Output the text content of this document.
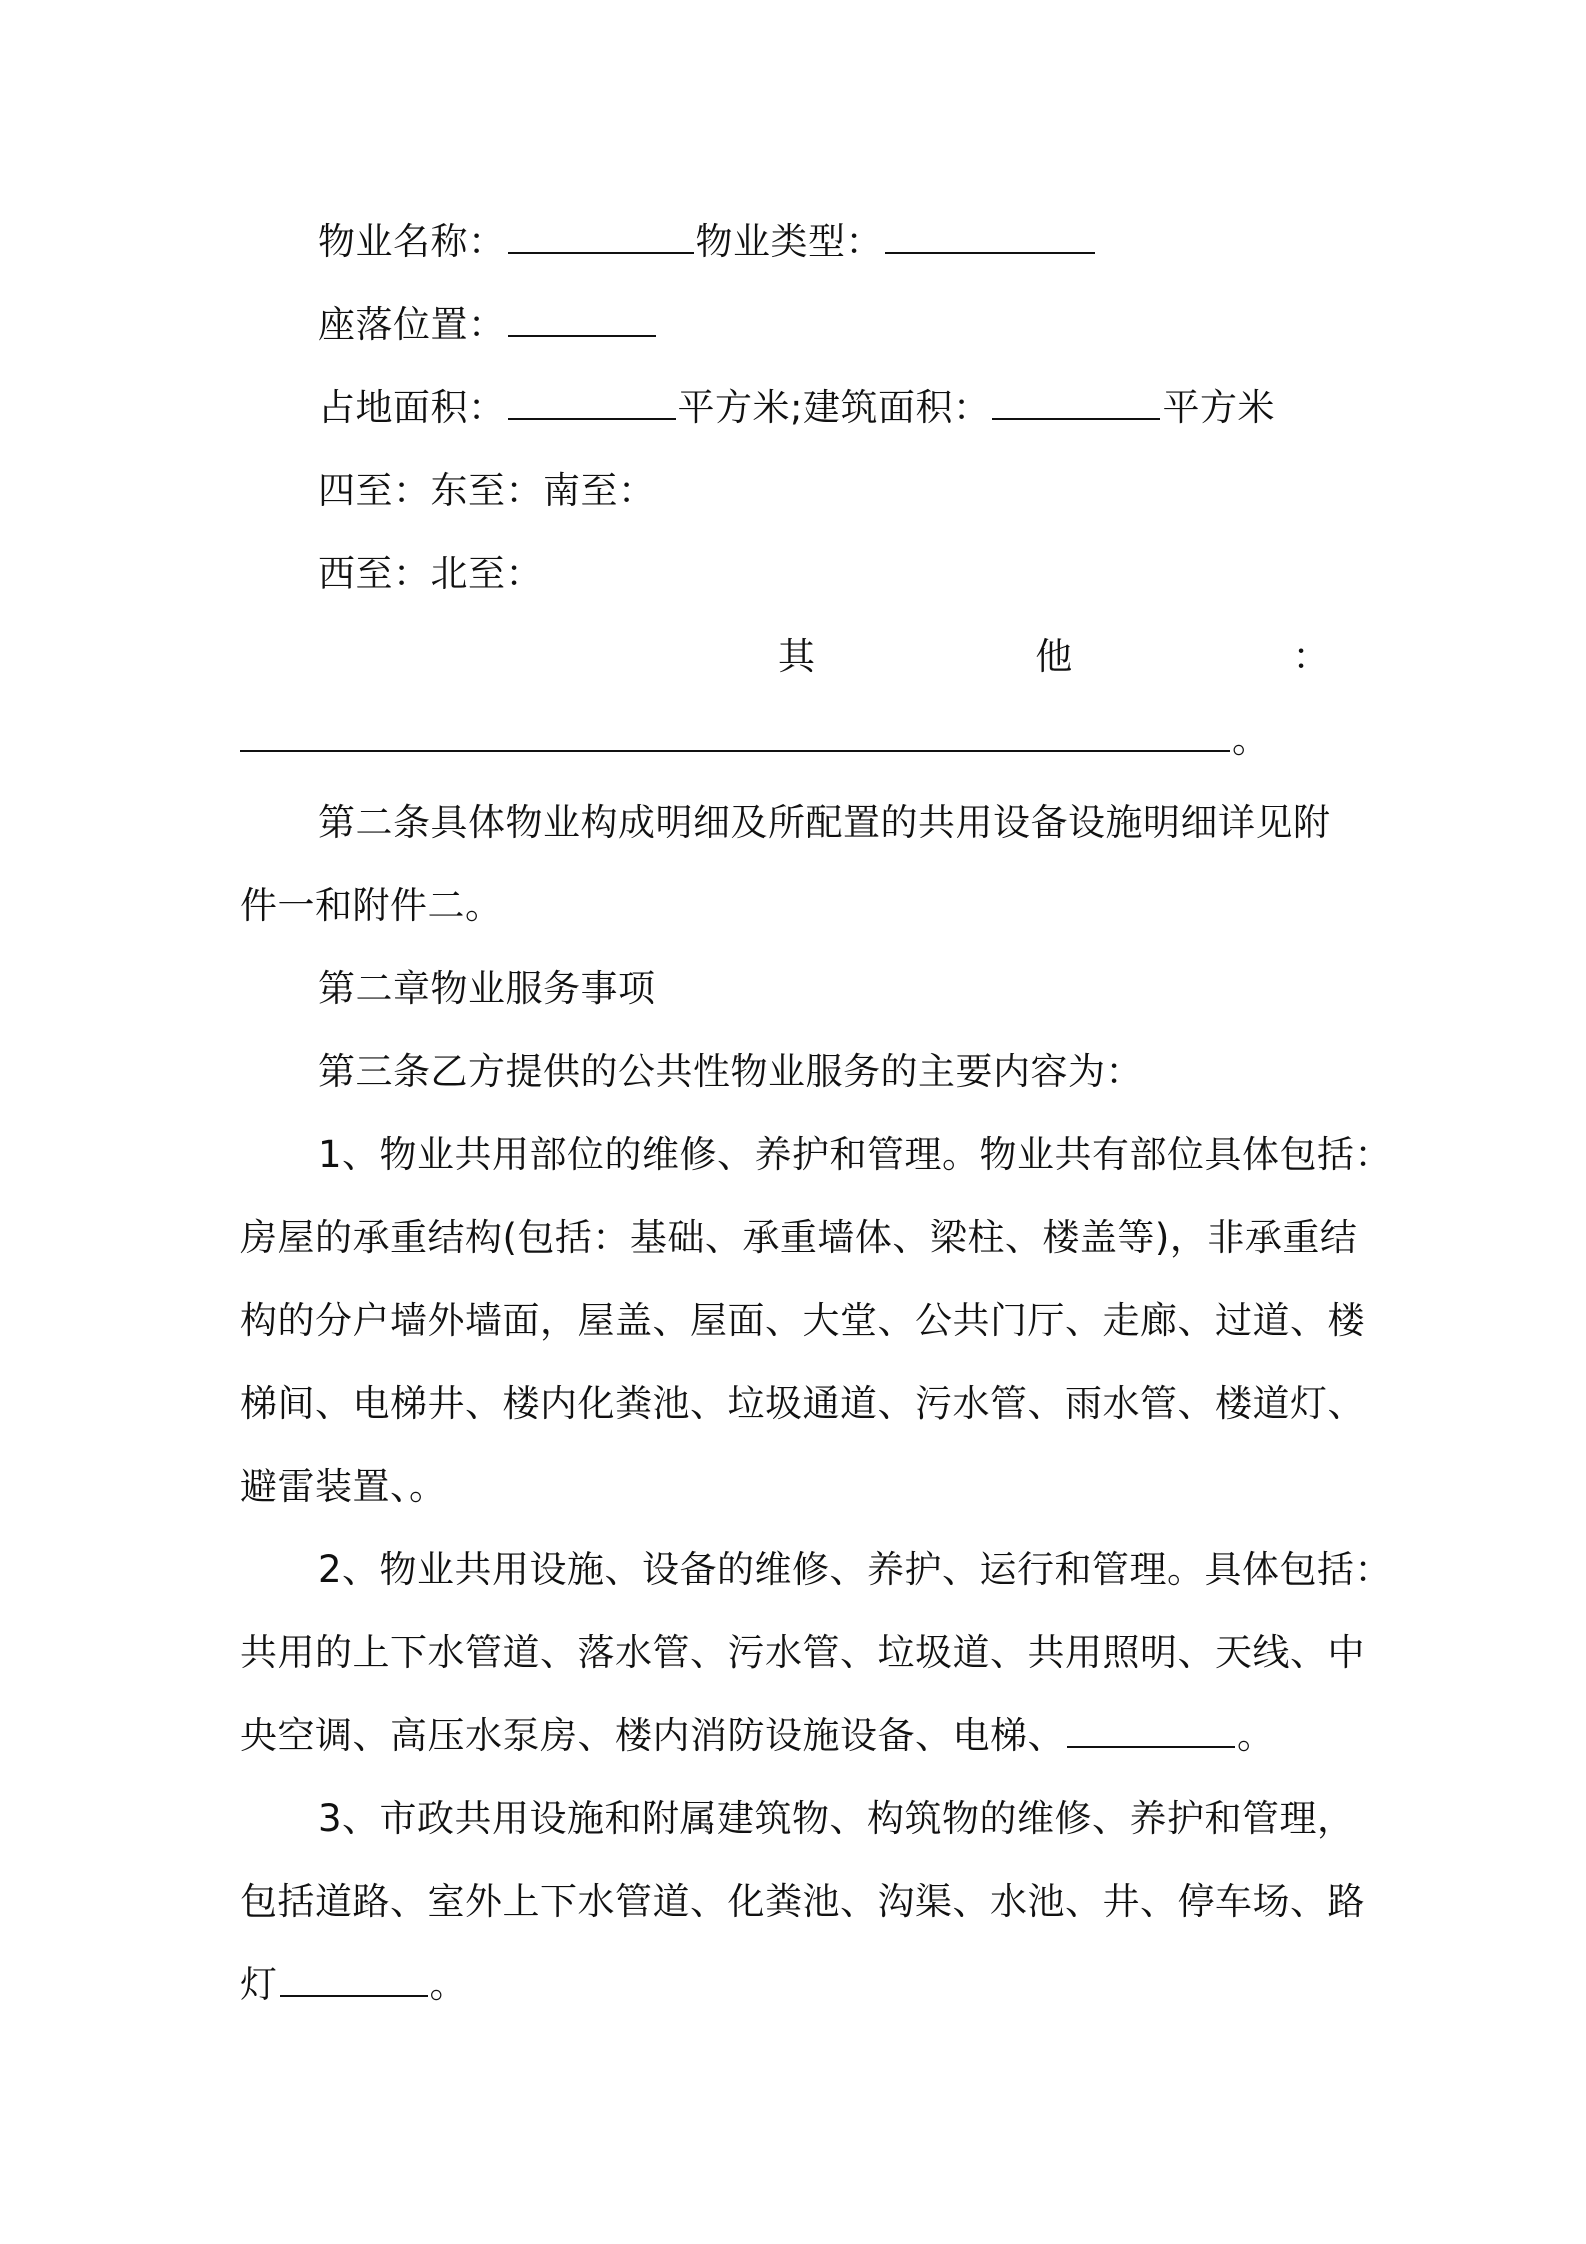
物业名称：	物业类型：
座落位置：
占地面积：	平方米;建筑面积：	平方米
四至：东至：南至：
西至：北至：
其	他	：
。
第二条具体物业构成明细及所配置的共用设备设施明细详见附
件一和附件二。
第二章物业服务事项
第三条乙方提供的公共性物业服务的主要内容为：
1、物业共用部位的维修、养护和管理。物业共有部位具体包括：
房屋的承重结构(包括：基础、承重墙体、梁柱、楼盖等)，非承重结
构的分户墙外墙面，屋盖、屋面、大堂、公共门厅、走廊、过道、楼
梯间、电梯井、楼内化粪池、垃圾通道、污水管、雨水管、楼道灯、
避雷装置、。
2、物业共用设施、设备的维修、养护、运行和管理。具体包括：
共用的上下水管道、落水管、污水管、垃圾道、共用照明、天线、中
央空调、高压水泵房、楼内消防设施设备、电梯、	。
3、市政共用设施和附属建筑物、构筑物的维修、养护和管理，
包括道路、室外上下水管道、化粪池、沟渠、水池、井、停车场、路
灯	。
